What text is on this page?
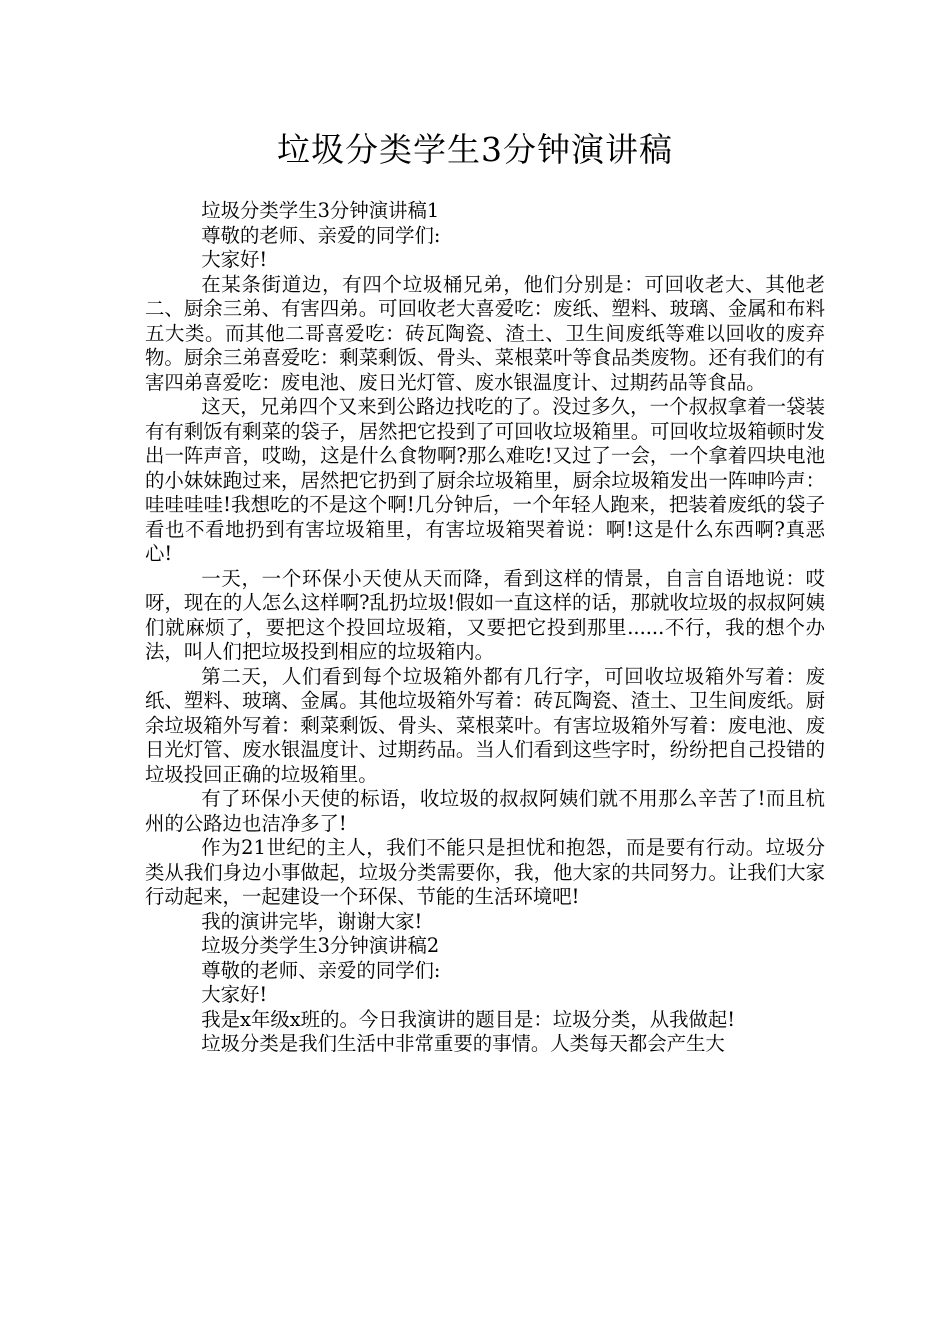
垃圾分类学生3分钟演讲稿

垃圾分类学生3分钟演讲稿1

尊敬的老师、亲爱的同学们:

大家好!

在某条街道边，有四个垃圾桶兄弟，他们分别是：可回收老大、其他老二、厨余三弟、有害四弟。可回收老大喜爱吃：废纸、塑料、玻璃、金属和布料五大类。而其他二哥喜爱吃：砖瓦陶瓷、渣土、卫生间废纸等难以回收的废弃物。厨余三弟喜爱吃：剩菜剩饭、骨头、菜根菜叶等食品类废物。还有我们的有害四弟喜爱吃：废电池、废日光灯管、废水银温度计、过期药品等食品。

这天，兄弟四个又来到公路边找吃的了。没过多久，一个叔叔拿着一袋装有有剩饭有剩菜的袋子，居然把它投到了可回收垃圾箱里。可回收垃圾箱顿时发出一阵声音，哎呦，这是什么食物啊?那么难吃!又过了一会，一个拿着四块电池的小妹妹跑过来，居然把它扔到了厨余垃圾箱里，厨余垃圾箱发出一阵呻吟声：哇哇哇哇!我想吃的不是这个啊!几分钟后，一个年轻人跑来，把装着废纸的袋子看也不看地扔到有害垃圾箱里，有害垃圾箱哭着说：啊!这是什么东西啊?真恶心!

一天，一个环保小天使从天而降，看到这样的情景，自言自语地说：哎呀，现在的人怎么这样啊?乱扔垃圾!假如一直这样的话，那就收垃圾的叔叔阿姨们就麻烦了，要把这个投回垃圾箱，又要把它投到那里......不行，我的想个办法，叫人们把垃圾投到相应的垃圾箱内。

第二天，人们看到每个垃圾箱外都有几行字，可回收垃圾箱外写着：废纸、塑料、玻璃、金属。其他垃圾箱外写着：砖瓦陶瓷、渣土、卫生间废纸。厨余垃圾箱外写着：剩菜剩饭、骨头、菜根菜叶。有害垃圾箱外写着：废电池、废日光灯管、废水银温度计、过期药品。当人们看到这些字时，纷纷把自己投错的垃圾投回正确的垃圾箱里。

有了环保小天使的标语，收垃圾的叔叔阿姨们就不用那么辛苦了!而且杭州的公路边也洁净多了!

作为21世纪的主人，我们不能只是担忧和抱怨，而是要有行动。垃圾分类从我们身边小事做起，垃圾分类需要你，我，他大家的共同努力。让我们大家行动起来，一起建设一个环保、节能的生活环境吧!

我的演讲完毕，谢谢大家!

垃圾分类学生3分钟演讲稿2

尊敬的老师、亲爱的同学们:

大家好!

我是x年级x班的。今日我演讲的题目是：垃圾分类，从我做起!

垃圾分类是我们生活中非常重要的事情。人类每天都会产生大
